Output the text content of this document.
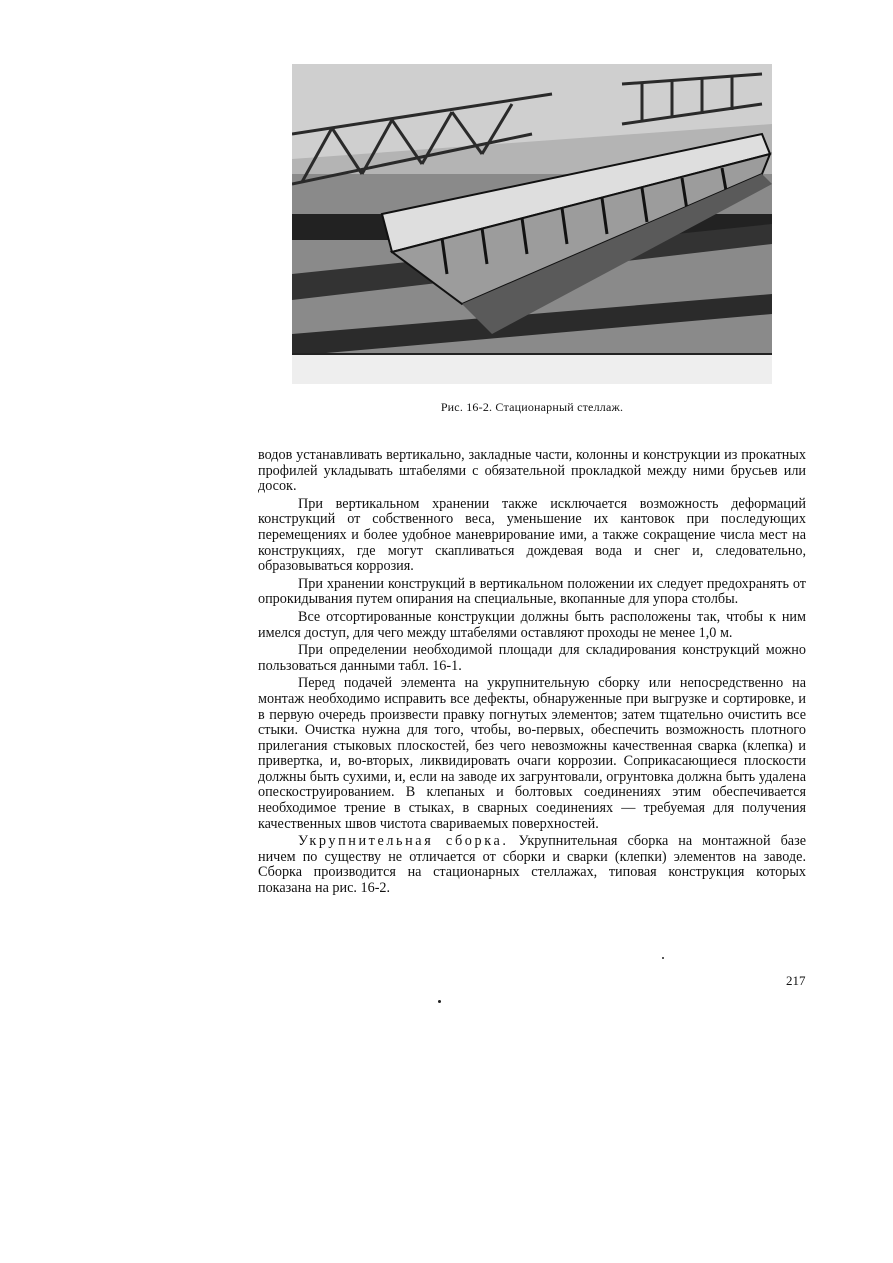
Рис. 16-2. Стационарный стеллаж.

водов устанавливать вертикально, закладные части, колонны и конструкции из прокатных профилей укладывать штабелями с обязательной прокладкой между ними брусьев или досок.

При вертикальном хранении также исключается возможность деформаций конструкций от собственного веса, уменьшение их кантовок при последующих перемещениях и более удобное маневрирование ими, а также сокращение числа мест на конструкциях, где могут скапливаться дождевая вода и снег и, следовательно, образовываться коррозия.

При хранении конструкций в вертикальном положении их следует предохранять от опрокидывания путем опирания на специальные, вкопанные для упора столбы.

Все отсортированные конструкции должны быть расположены так, чтобы к ним имелся доступ, для чего между штабелями оставляют проходы не менее 1,0 м.

При определении необходимой площади для складирования конструкций можно пользоваться данными табл. 16-1.

Перед подачей элемента на укрупнительную сборку или непосредственно на монтаж необходимо исправить все дефекты, обнаруженные при выгрузке и сортировке, и в первую очередь произвести правку погнутых элементов; затем тщательно очистить все стыки. Очистка нужна для того, чтобы, во-первых, обеспечить возможность плотного прилегания стыковых плоскостей, без чего невозможны качественная сварка (клепка) и привертка, и, во-вторых, ликвидировать очаги коррозии. Соприкасающиеся плоскости должны быть сухими, и, если на заводе их загрунтовали, огрунтовка должна быть удалена опескоструированием. В клепаных и болтовых соединениях этим обеспечивается необходимое трение в стыках, в сварных соединениях — требуемая для получения качественных швов чистота свариваемых поверхностей.

Укрупнительная сборка. Укрупнительная сборка на монтажной базе ничем по существу не отличается от сборки и сварки (клепки) элементов на заводе. Сборка производится на стационарных стеллажах, типовая конструкция которых показана на рис. 16-2.

217
